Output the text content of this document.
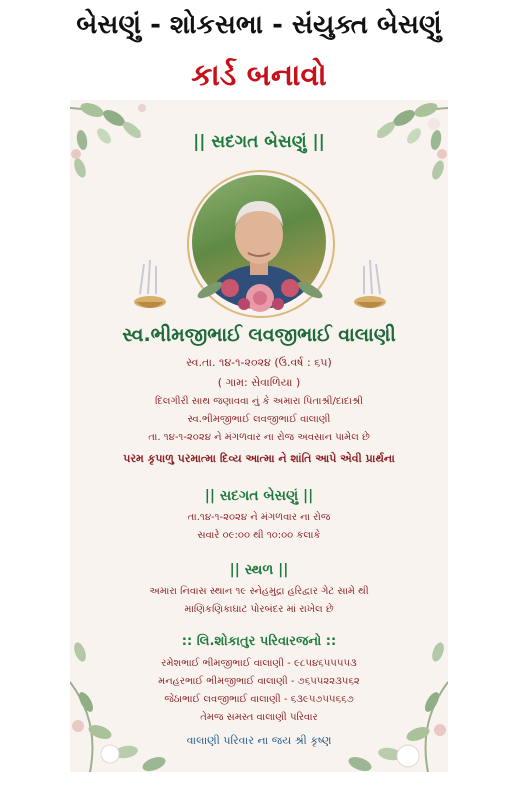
બેસણું - શોકસભા - સંયુક્ત બેસણું
કાર્ડ બનાવો
|| સદગત બેસણું ||
સ્વ.ભીમજીભાઈ લવજીભાઈ વાલાણી
સ્વ.તા. ૧૪-૧-૨૦૨૪ (ઉ.વર્ષ : ૬૫)
( ગામ: સેવાળિયા )
દિલગીરી સાથ જણાવવા નું કે અમારા પિતાશ્રી/દાદાશ્રી
સ્વ.ભીમજીભાઈ લવજીભાઈ વાલાણી
તા. ૧૪-૧-૨૦૨૪ ને મંગળવાર ના રોજ અવસાન પામેલ છે
પરમ કૃપાળુ પરમાત્મા દિવ્ય આત્મા ને શાંતિ આપે એવી પ્રાર્થના
|| સદગત બેસણું ||
તા.૧૪-૧-૨૦૨૪ ને મંગળવાર ના રોજ
સવારે ૦૯:૦૦ થી ૧૦:૦૦ કલાકે
|| સ્થળ ||
અમારા નિવાસ સ્થાન ૧૯ સ્નેહમુદ્રા હરિદ્વાર ગેટ સામે થી
માણિકણિકાઘાટ પોરબંદર માં રાખેલ છે
:: લિ.શોકાતુર પરિવારજનો ::
રમેશભાઈ ભીમજીભાઈ વાલાણી - ૯૮૫૪૬૫૫૫૫૩
મનહરભાઈ ભીમજીભાઈ વાલાણી - ૭૬૫૫૨૨૩૫૬૨
જેઠાભાઈ લવજીભાઈ વાલાણી - ૬૩૯૫૭૫૫૬૬૭
તેમજ સમસ્ત વાલાણી પરિવાર
વાલાણી પરિવાર ના જય શ્રી કૃષ્ણ
